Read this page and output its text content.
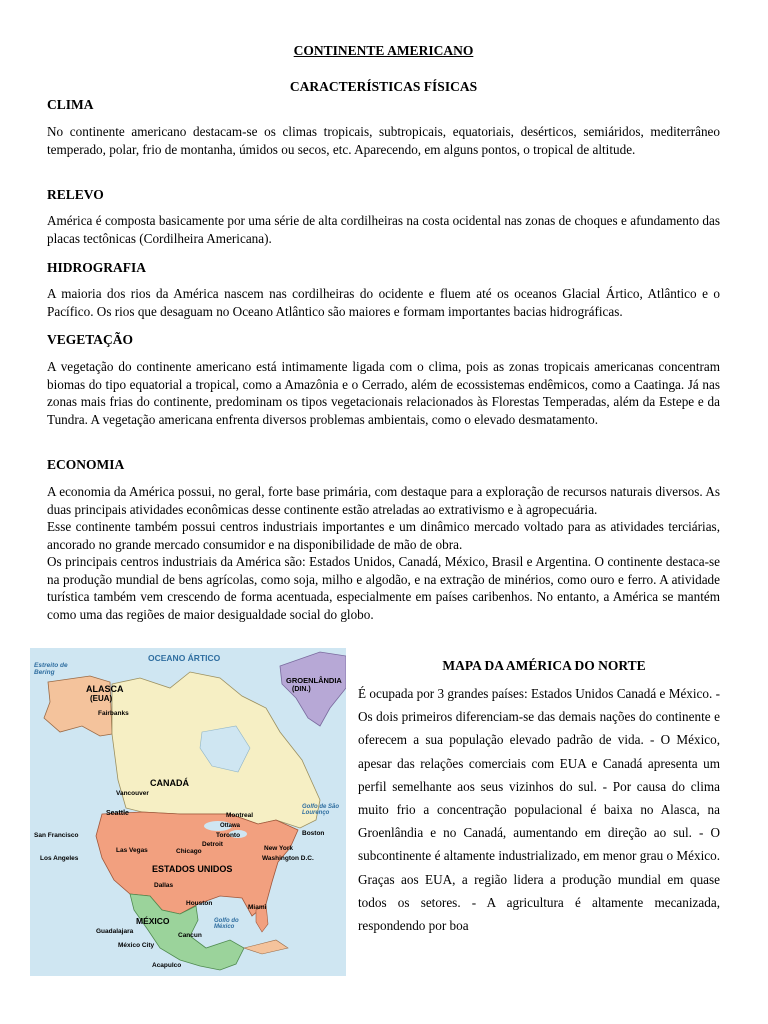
CONTINENTE AMERICANO
CARACTERÍSTICAS FÍSICAS
CLIMA

No continente americano destacam-se os climas tropicais, subtropicais, equatoriais, desérticos, semiáridos, mediterrâneo temperado, polar, frio de montanha, úmidos ou secos, etc. Aparecendo, em alguns pontos, o tropical de altitude.

RELEVO

América é composta basicamente por uma série de alta cordilheiras na costa ocidental nas zonas de choques e afundamento das placas tectônicas (Cordilheira Americana).

HIDROGRAFIA

A maioria dos rios da América nascem nas cordilheiras do ocidente e fluem até os oceanos Glacial Ártico, Atlântico e o Pacífico. Os rios que desaguam no Oceano Atlântico são maiores e formam importantes bacias hidrográficas.

VEGETAÇÃO

A vegetação do continente americano está intimamente ligada com o clima, pois as zonas tropicais americanas concentram biomas do tipo equatorial a tropical, como a Amazônia e o Cerrado, além de ecossistemas endêmicos, como a Caatinga. Já nas zonas mais frias do continente, predominam os tipos vegetacionais relacionados às Florestas Temperadas, além da Estepe e da Tundra. A vegetação americana enfrenta diversos problemas ambientais, como o elevado desmatamento.

ECONOMIA

A economia da América possui, no geral, forte base primária, com destaque para a exploração de recursos naturais diversos. As duas principais atividades econômicas desse continente estão atreladas ao extrativismo e à agropecuária.

Esse continente também possui centros industriais importantes e um dinâmico mercado voltado para as atividades terciárias, ancorado no grande mercado consumidor e na disponibilidade de mão de obra.

Os principais centros industriais da América são: Estados Unidos, Canadá, México, Brasil e Argentina. O continente destaca-se na produção mundial de bens agrícolas, como soja, milho e algodão, e na extração de minérios, como ouro e ferro. A atividade turística também vem crescendo de forma acentuada, especialmente em países caribenhos. No entanto, a América se mantém como uma das regiões de maior desigualdade social do globo.

OCEANO ÁRTICO
Estreito de Bering
ALASCA
(EUA)
Fairbanks
GROENLÂNDIA
(DIN.)
CANADÁ
Vancouver
Seattle	Montreal
Ottawa
Toronto
Detroit
Chicago
Boston
New York
Washington D.C.
Golfo de São Lourenço
San Francisco
Las Vegas
Los Angeles
ESTADOS UNIDOS
Dallas
Houston
Miami
MÉXICO	Golfo do México
Guadalajara
México City
Cancun
Acapulco
MAPA DA AMÉRICA DO NORTE

É ocupada por 3 grandes países: Estados Unidos Canadá e México. - Os dois primeiros diferenciam-se das demais nações do continente e oferecem a sua população elevado padrão de vida. - O México, apesar das relações comerciais com EUA e Canadá apresenta um perfil semelhante aos seus vizinhos do sul. - Por causa do clima muito frio a concentração populacional é baixa no Alasca, na Groenlândia e no Canadá, aumentando em direção ao sul. - O subcontinente é altamente industrializado, em menor grau o México. Graças aos EUA, a região lidera a produção mundial em quase todos os setores. - A agricultura é altamente mecanizada, respondendo por boa
